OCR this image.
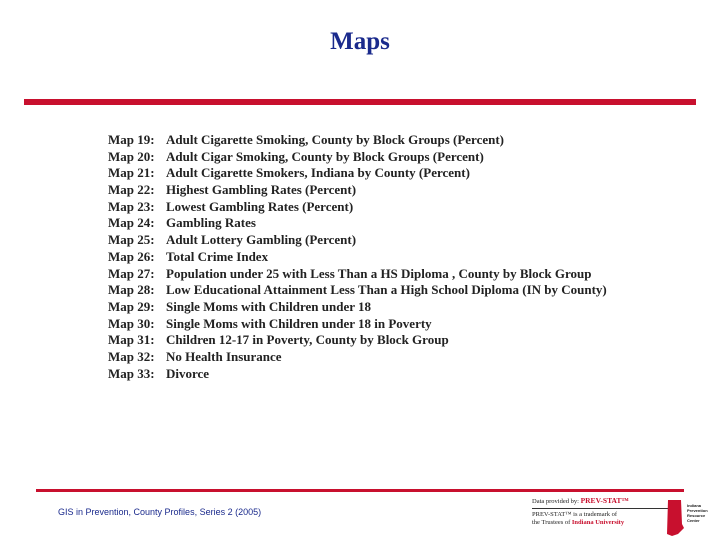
Maps
Map 19: Adult Cigarette Smoking, County by Block Groups (Percent)
Map 20: Adult Cigar Smoking, County by Block Groups (Percent)
Map 21: Adult Cigarette Smokers, Indiana by County (Percent)
Map 22: Highest Gambling Rates (Percent)
Map 23: Lowest Gambling Rates (Percent)
Map 24: Gambling Rates
Map 25: Adult Lottery Gambling (Percent)
Map 26: Total Crime Index
Map 27: Population under 25 with Less Than a HS Diploma , County by Block Group
Map 28: Low Educational Attainment Less Than a High School Diploma (IN by County)
Map 29: Single Moms with Children under 18
Map 30: Single Moms with Children under 18 in Poverty
Map 31: Children 12-17 in Poverty, County by Block Group
Map 32: No Health Insurance
Map 33: Divorce
GIS in Prevention, County Profiles, Series 2 (2005)
Data provided by: PREV-STAT™
PREV-STAT™ is a trademark of
the Trustees of Indiana University
Indiana
Prevention
Resource
Center
